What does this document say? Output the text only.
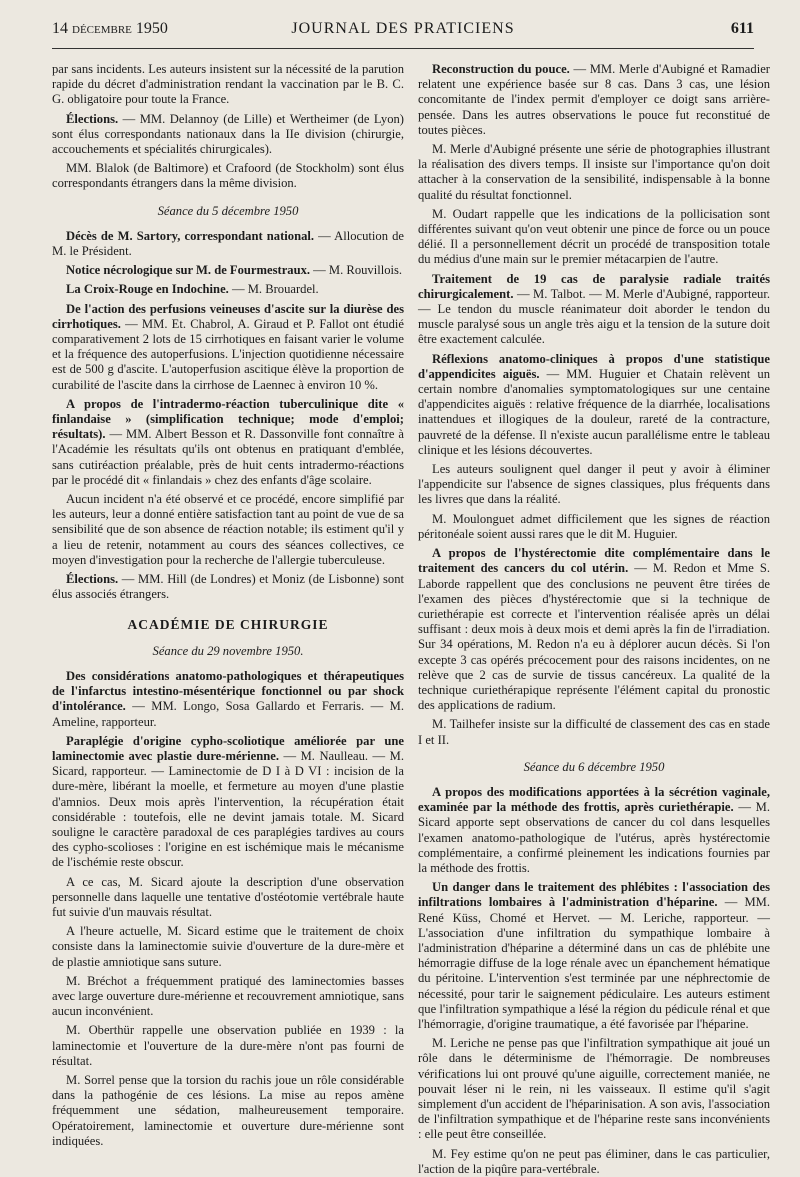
14 décembre 1950	JOURNAL DES PRATICIENS	611

par sans incidents. Les auteurs insistent sur la nécessité de la parution rapide du décret d'administration rendant la vaccination par le B. C. G. obligatoire pour toute la France.

Élections. — MM. Delannoy (de Lille) et Wertheimer (de Lyon) sont élus correspondants nationaux dans la IIe division (chirurgie, accouchements et spécialités chirurgicales).

MM. Blalok (de Baltimore) et Crafoord (de Stockholm) sont élus correspondants étrangers dans la même division.

Séance du 5 décembre 1950

Décès de M. Sartory, correspondant national. — Allocution de M. le Président.

Notice nécrologique sur M. de Fourmestraux. — M. Rouvillois.

La Croix-Rouge en Indochine. — M. Brouardel.

De l'action des perfusions veineuses d'ascite sur la diurèse des cirrhotiques. — MM. Et. Chabrol, A. Giraud et P. Fallot ont étudié comparativement 2 lots de 15 cirrhotiques en faisant varier le volume et la fréquence des autoperfusions. L'injection quotidienne nécessaire est de 500 g d'ascite. L'autoperfusion ascitique élève la proportion de curabilité de l'ascite dans la cirrhose de Laennec à environ 10 %.

A propos de l'intradermo-réaction tuberculinique dite « finlandaise » (simplification technique; mode d'emploi; résultats). — MM. Albert Besson et R. Dassonville font connaître à l'Académie les résultats qu'ils ont obtenus en pratiquant d'emblée, sans cutiréaction préalable, près de huit cents intradermo-réactions par le procédé dit « finlandais » chez des enfants d'âge scolaire.

Aucun incident n'a été observé et ce procédé, encore simplifié par les auteurs, leur a donné entière satisfaction tant au point de vue de sa sensibilité que de son absence de réaction notable; ils estiment qu'il y a lieu de retenir, notamment au cours des séances collectives, ce moyen d'investigation pour la recherche de l'allergie tuberculeuse.

Élections. — MM. Hill (de Londres) et Moniz (de Lisbonne) sont élus associés étrangers.

ACADÉMIE DE CHIRURGIE

Séance du 29 novembre 1950.

Des considérations anatomo-pathologiques et thérapeutiques de l'infarctus intestino-mésentérique fonctionnel ou par shock d'intolérance. — MM. Longo, Sosa Gallardo et Ferraris. — M. Ameline, rapporteur.

Paraplégie d'origine cypho-scoliotique améliorée par une laminectomie avec plastie dure-mérienne. — M. Naulleau. — M. Sicard, rapporteur. — Laminectomie de D I à D VI : incision de la dure-mère, libérant la moelle, et fermeture au moyen d'une plastie d'amnios. Deux mois après l'intervention, la récupération était considérable : toutefois, elle ne devint jamais totale. M. Sicard souligne le caractère paradoxal de ces paraplégies tardives au cours des cypho-scolioses : l'origine en est ischémique mais le mécanisme de l'ischémie reste obscur.

A ce cas, M. Sicard ajoute la description d'une observation personnelle dans laquelle une tentative d'ostéotomie vertébrale haute fut suivie d'un mauvais résultat.

A l'heure actuelle, M. Sicard estime que le traitement de choix consiste dans la laminectomie suivie d'ouverture de la dure-mère et de plastie amniotique sans suture.

M. Bréchot a fréquemment pratiqué des laminectomies basses avec large ouverture dure-mérienne et recouvrement amniotique, sans aucun inconvénient.

M. Oberthür rappelle une observation publiée en 1939 : la laminectomie et l'ouverture de la dure-mère n'ont pas fourni de résultat.

M. Sorrel pense que la torsion du rachis joue un rôle considérable dans la pathogénie de ces lésions. La mise au repos amène fréquemment une sédation, malheureusement temporaire. Opératoirement, laminectomie et ouverture dure-mérienne sont indiquées.

Reconstruction du pouce. — MM. Merle d'Aubigné et Ramadier relatent une expérience basée sur 8 cas. Dans 3 cas, une lésion concomitante de l'index permit d'employer ce doigt sans arrière-pensée. Dans les autres observations le pouce fut reconstitué de toutes pièces.

M. Merle d'Aubigné présente une série de photographies illustrant la réalisation des divers temps. Il insiste sur l'importance qu'on doit attacher à la conservation de la sensibilité, indispensable à la bonne qualité du résultat fonctionnel.

M. Oudart rappelle que les indications de la pollicisation sont différentes suivant qu'on veut obtenir une pince de force ou un pouce délié. Il a personnellement décrit un procédé de transposition totale du médius d'une main sur le premier métacarpien de l'autre.

Traitement de 19 cas de paralysie radiale traités chirurgicalement. — M. Talbot. — M. Merle d'Aubigné, rapporteur. — Le tendon du muscle réanimateur doit aborder le tendon du muscle paralysé sous un angle très aigu et la tension de la suture doit être exactement calculée.

Réflexions anatomo-cliniques à propos d'une statistique d'appendicites aiguës. — MM. Huguier et Chatain relèvent un certain nombre d'anomalies symptomatologiques sur une centaine d'appendicites aiguës : relative fréquence de la diarrhée, localisations inattendues et illogiques de la douleur, rareté de la contracture, pauvreté de la défense. Il n'existe aucun parallélisme entre le tableau clinique et les lésions découvertes.

Les auteurs soulignent quel danger il peut y avoir à éliminer l'appendicite sur l'absence de signes classiques, plus fréquents dans les livres que dans la réalité.

M. Moulonguet admet difficilement que les signes de réaction péritonéale soient aussi rares que le dit M. Huguier.

A propos de l'hystérectomie dite complémentaire dans le traitement des cancers du col utérin. — M. Redon et Mme S. Laborde rappellent que des conclusions ne peuvent être tirées de l'examen des pièces d'hystérectomie que si la technique de curiethérapie est correcte et l'intervention réalisée après un délai suffisant : deux mois à deux mois et demi après la fin de l'irradiation. Sur 34 opérations, M. Redon n'a eu à déplorer aucun décès. Si l'on excepte 3 cas opérés précocement pour des raisons incidentes, on ne relève que 2 cas de survie de tissus cancéreux. La qualité de la technique curiethérapique représente l'élément capital du pronostic des applications de radium.

M. Tailhefer insiste sur la difficulté de classement des cas en stade I et II.

Séance du 6 décembre 1950

A propos des modifications apportées à la sécrétion vaginale, examinée par la méthode des frottis, après curiethérapie. — M. Sicard apporte sept observations de cancer du col dans lesquelles l'examen anatomo-pathologique de l'utérus, après hystérectomie complémentaire, a confirmé pleinement les indications fournies par la méthode des frottis.

Un danger dans le traitement des phlébites : l'association des infiltrations lombaires à l'administration d'héparine. — MM. René Küss, Chomé et Hervet. — M. Leriche, rapporteur. — L'association d'une infiltration du sympathique lombaire à l'administration d'héparine a déterminé dans un cas de phlébite une hémorragie diffuse de la loge rénale avec un épanchement hématique du péritoine. L'intervention s'est terminée par une néphrectomie de nécessité, pour tarir le saignement pédiculaire. Les auteurs estiment que l'infiltration sympathique a lésé la région du pédicule rénal et que l'hémorragie, d'origine traumatique, a été favorisée par l'héparine.

M. Leriche ne pense pas que l'infiltration sympathique ait joué un rôle dans le déterminisme de l'hémorragie. De nombreuses vérifications lui ont prouvé qu'une aiguille, correctement maniée, ne pouvait léser ni le rein, ni les vaisseaux. Il estime qu'il s'agit simplement d'un accident de l'héparinisation. A son avis, l'association de l'infiltration sympathique et de l'héparine reste sans inconvénients : elle peut être conseillée.

M. Fey estime qu'on ne peut pas éliminer, dans le cas particulier, l'action de la piqûre para-vertébrale.
